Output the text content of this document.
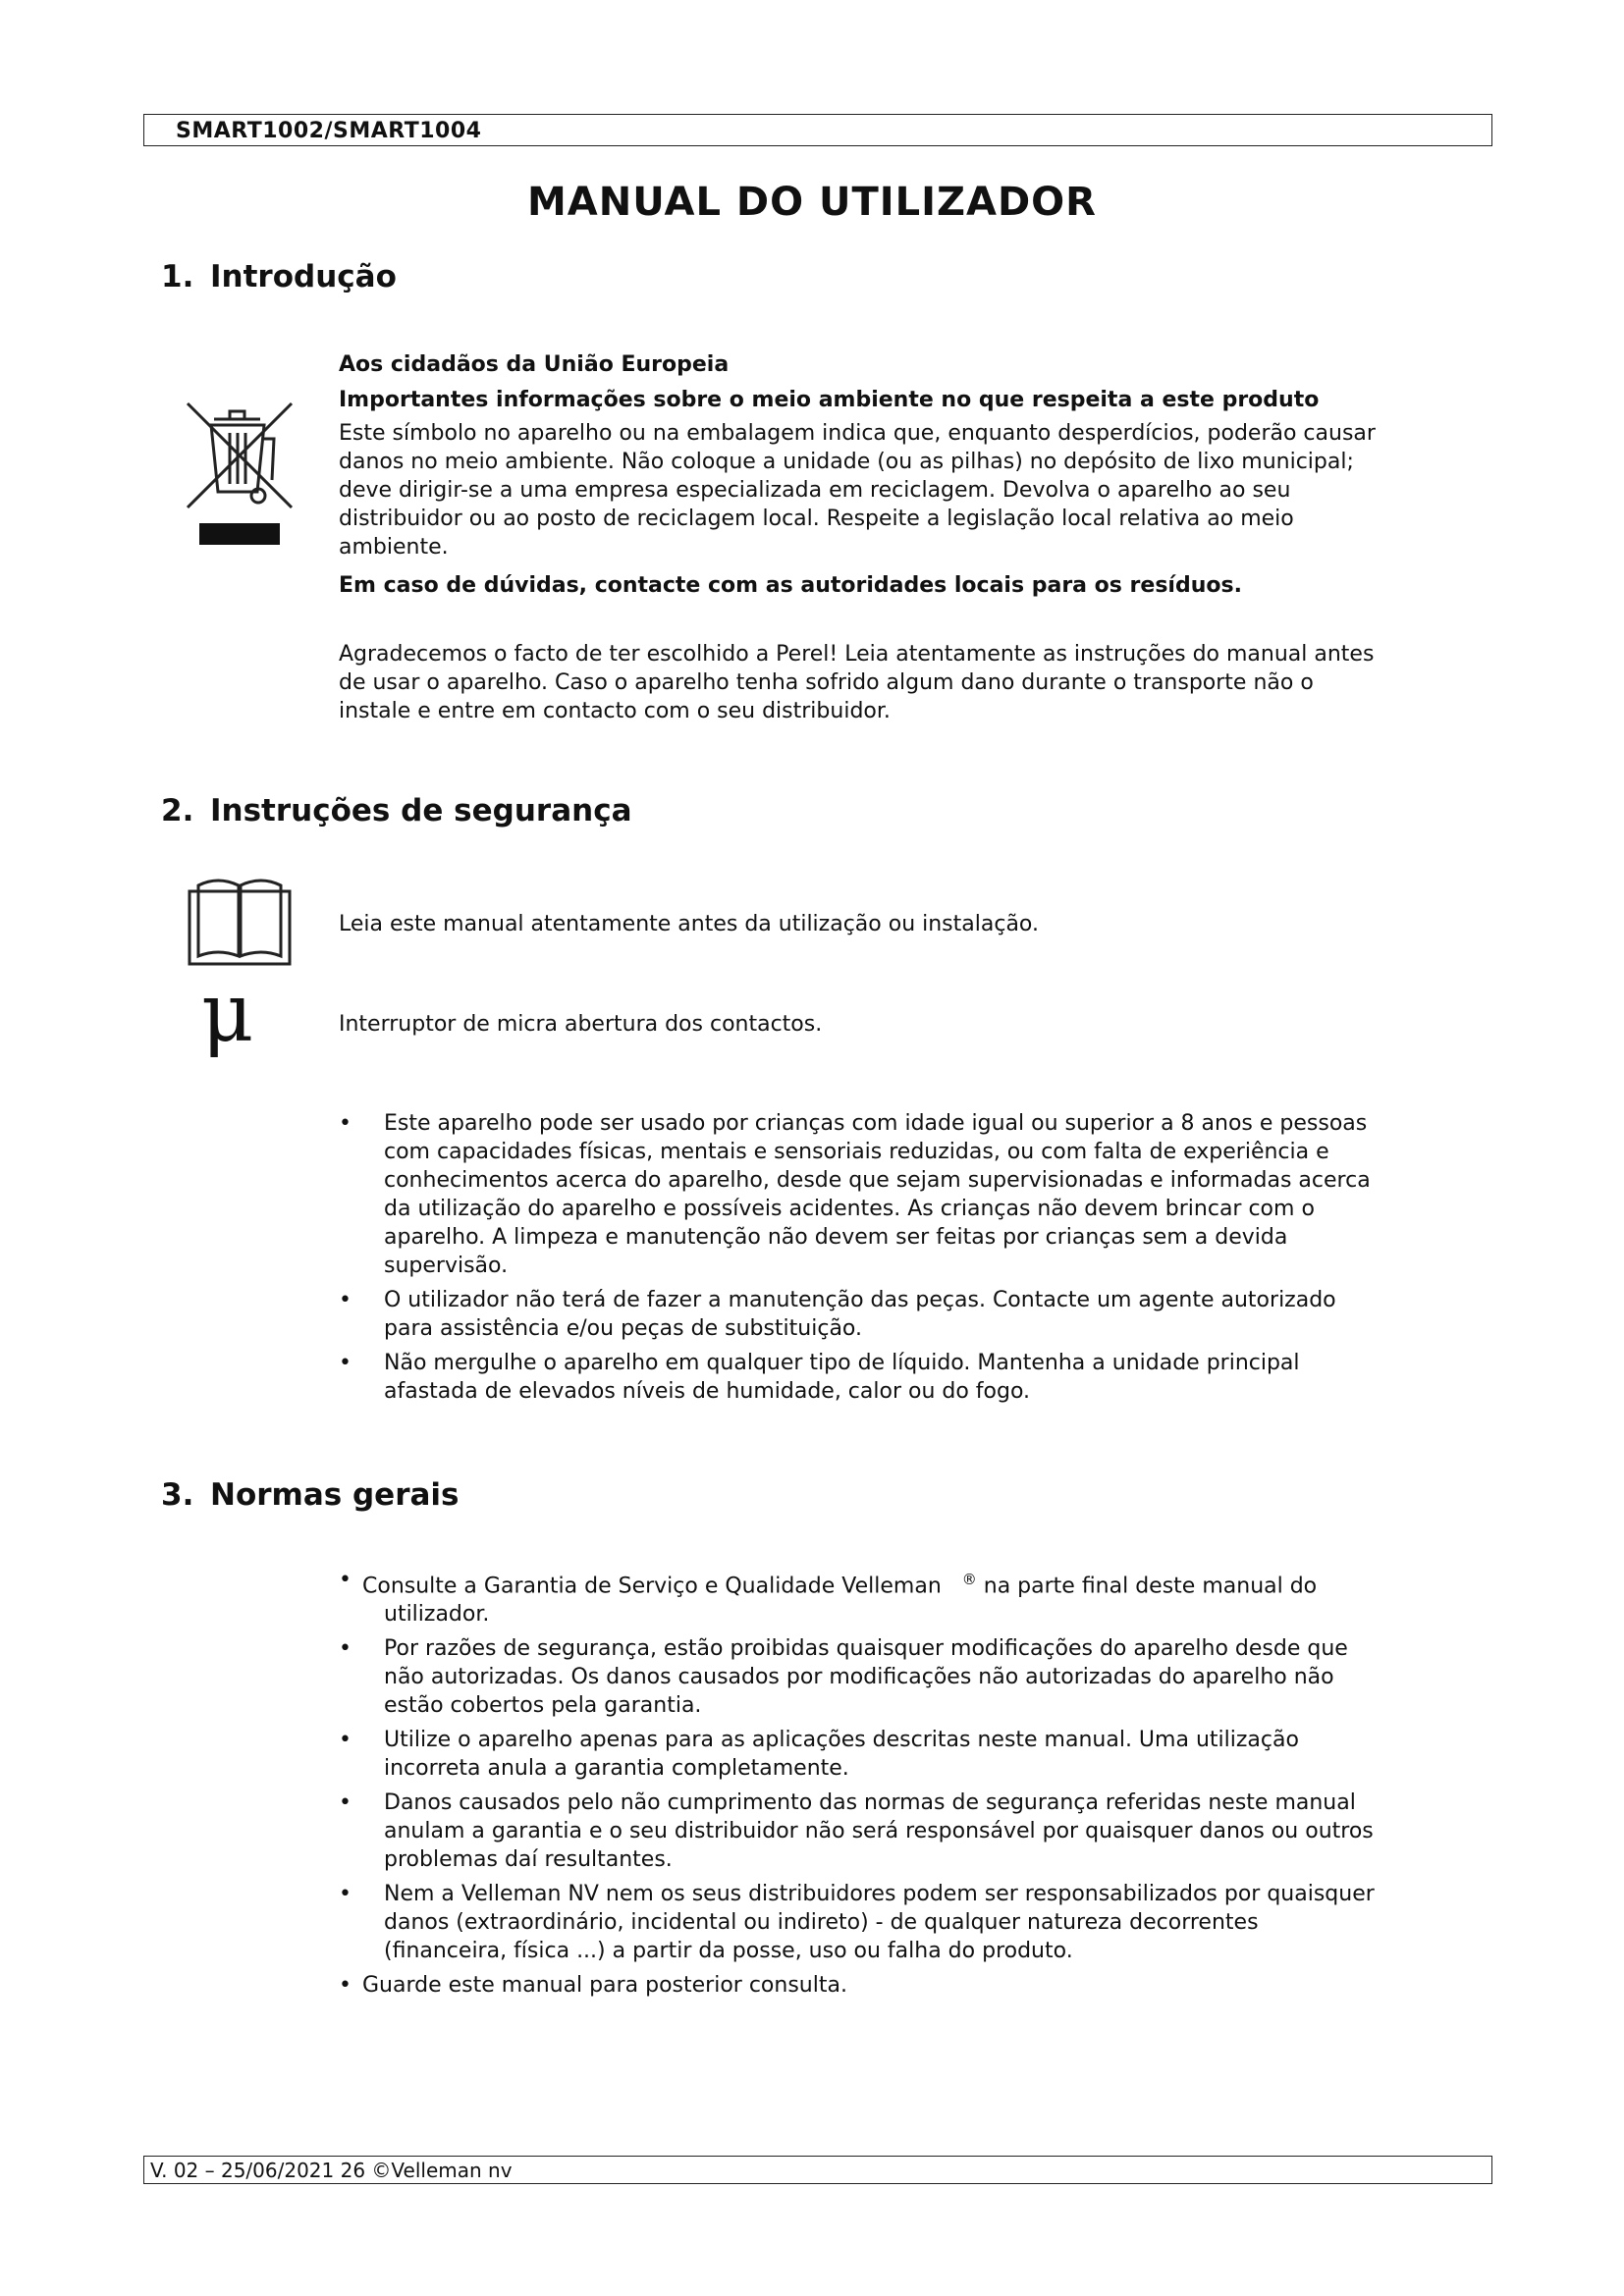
SMART1002/SMART1004
MANUAL DO UTILIZADOR
1. Introdução
Aos cidadãos da União Europeia
Importantes informações sobre o meio ambiente no que respeita a este produto
Este símbolo no aparelho ou na embalagem indica que, enquanto desperdícios, poderão causar
danos no meio ambiente. Não coloque a unidade (ou as pilhas) no depósito de lixo municipal;
deve dirigir-se a uma empresa especializada em reciclagem. Devolva o aparelho ao seu
distribuidor ou ao posto de reciclagem local. Respeite a legislação local relativa ao meio
ambiente.
Em caso de dúvidas, contacte com as autoridades locais para os resíduos.
Agradecemos o facto de ter escolhido a Perel! Leia atentamente as instruções do manual antes
de usar o aparelho. Caso o aparelho tenha sofrido algum dano durante o transporte não o
instale e entre em contacto com o seu distribuidor.
2. Instruções de segurança
Leia este manual atentamente antes da utilização ou instalação.
μ	Interruptor de micra abertura dos contactos.
• Este aparelho pode ser usado por crianças com idade igual ou superior a 8 anos e pessoas
com capacidades físicas, mentais e sensoriais reduzidas, ou com falta de experiência e
conhecimentos acerca do aparelho, desde que sejam supervisionadas e informadas acerca
da utilização do aparelho e possíveis acidentes. As crianças não devem brincar com o
aparelho. A limpeza e manutenção não devem ser feitas por crianças sem a devida
supervisão.
• O utilizador não terá de fazer a manutenção das peças. Contacte um agente autorizado
para assistência e/ou peças de substituição.
• Não mergulhe o aparelho em qualquer tipo de líquido. Mantenha a unidade principal
afastada de elevados níveis de humidade, calor ou do fogo.
3. Normas gerais
• Consulte a Garantia de Serviço e Qualidade Velleman ® na parte final deste manual do
utilizador.
• Por razões de segurança, estão proibidas quaisquer modificações do aparelho desde que
não autorizadas. Os danos causados por modificações não autorizadas do aparelho não
estão cobertos pela garantia.
• Utilize o aparelho apenas para as aplicações descritas neste manual. Uma utilização
incorreta anula a garantia completamente.
• Danos causados pelo não cumprimento das normas de segurança referidas neste manual
anulam a garantia e o seu distribuidor não será responsável por quaisquer danos ou outros
problemas daí resultantes.
• Nem a Velleman NV nem os seus distribuidores podem ser responsabilizados por quaisquer
danos (extraordinário, incidental ou indireto) - de qualquer natureza decorrentes
(financeira, física ...) a partir da posse, uso ou falha do produto.
• Guarde este manual para posterior consulta.
V. 02 – 25/06/2021 26 ©Velleman nv
